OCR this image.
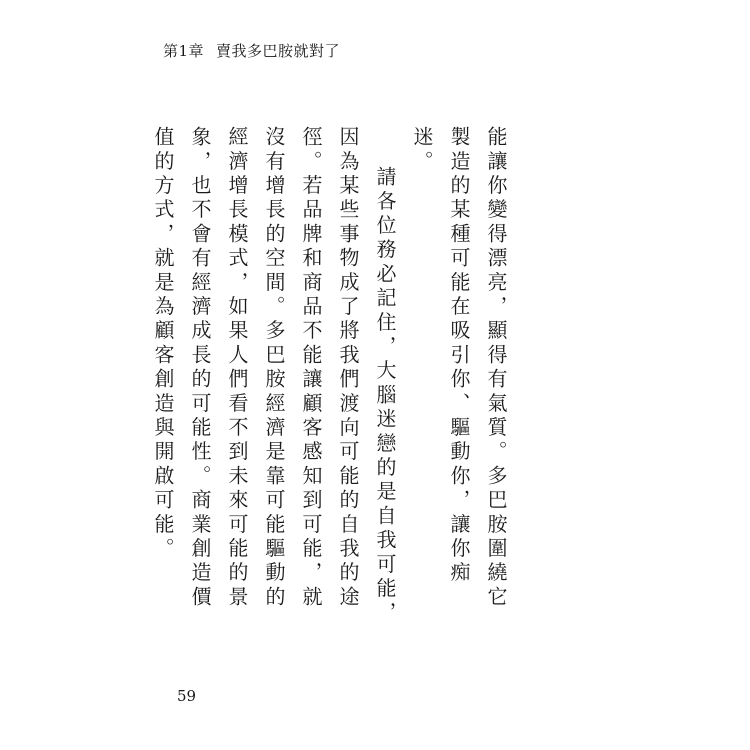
第1章 賣我多巴胺就對了

能讓你變得漂亮，顯得有氣質。多巴胺圍繞它製造的某種可能在吸引你、驅動你，讓你痴迷。

請各位務必記住，大腦迷戀的是自我可能，因為某些事物成了將我們渡向可能的自我的途徑。若品牌和商品不能讓顧客感知到可能，就沒有增長的空間。多巴胺經濟是靠可能驅動的經濟增長模式，如果人們看不到未來可能的景象，也不會有經濟成長的可能性。商業創造價值的方式，就是為顧客創造與開啟可能。

59
